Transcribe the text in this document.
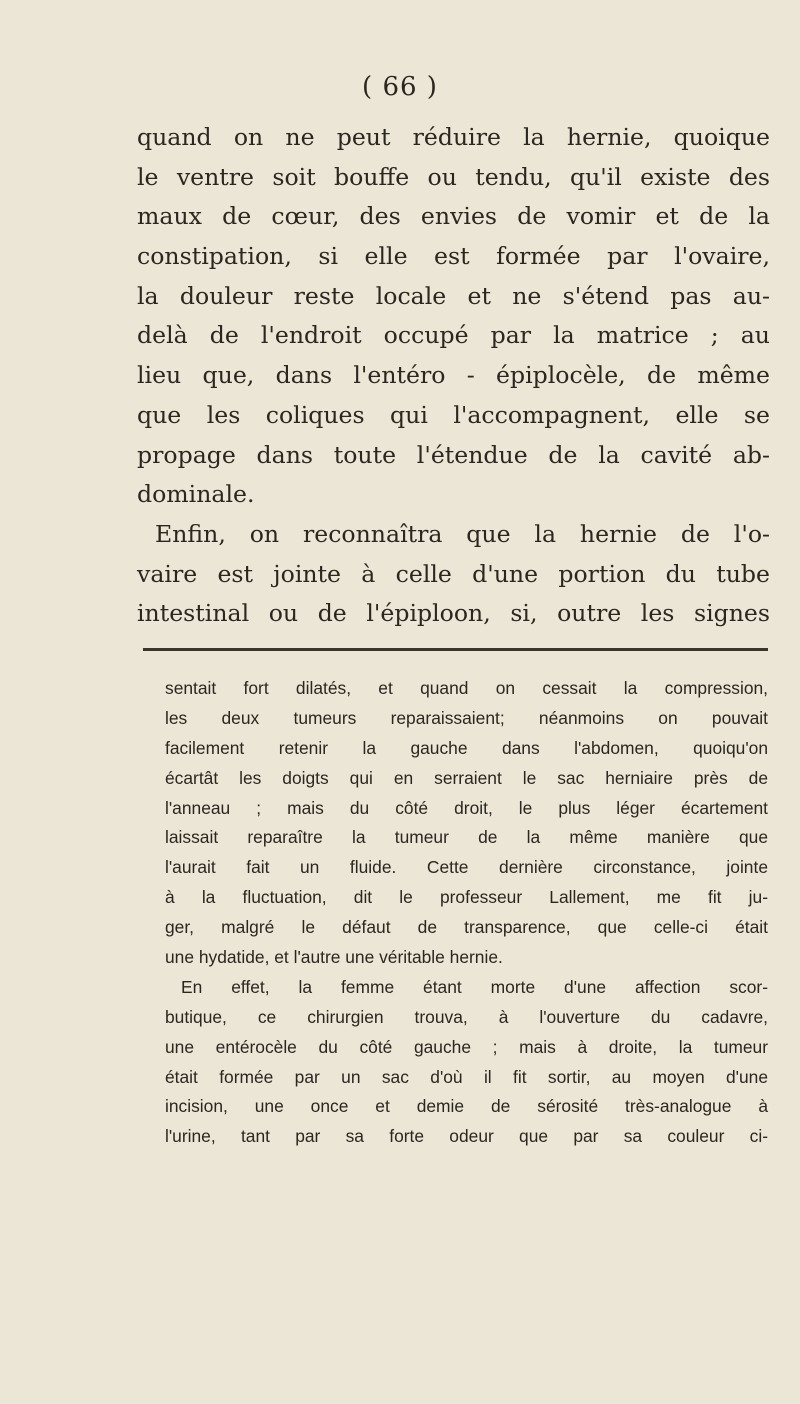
( 66 )
quand on ne peut réduire la hernie, quoique
le ventre soit bouffe ou tendu, qu'il existe des
maux de cœur, des envies de vomir et de la
constipation, si elle est formée par l'ovaire,
la douleur reste locale et ne s'étend pas au-
delà de l'endroit occupé par la matrice ; au
lieu que, dans l'entéro - épiplocèle, de même
que les coliques qui l'accompagnent, elle se
propage dans toute l'étendue de la cavité ab-
dominale.
Enfin, on reconnaîtra que la hernie de l'o-
vaire est jointe à celle d'une portion du tube
intestinal ou de l'épiploon, si, outre les signes
sentait fort dilatés, et quand on cessait la compression,
les deux tumeurs reparaissaient; néanmoins on pouvait
facilement retenir la gauche dans l'abdomen, quoiqu'on
écartât les doigts qui en serraient le sac herniaire près de
l'anneau ; mais du côté droit, le plus léger écartement
laissait reparaître la tumeur de la même manière que
l'aurait fait un fluide. Cette dernière circonstance, jointe
à la fluctuation, dit le professeur Lallement, me fit ju-
ger, malgré le défaut de transparence, que celle-ci était
une hydatide, et l'autre une véritable hernie.
En effet, la femme étant morte d'une affection scor-
butique, ce chirurgien trouva, à l'ouverture du cadavre,
une entérocèle du côté gauche ; mais à droite, la tumeur
était formée par un sac d'où il fit sortir, au moyen d'une
incision, une once et demie de sérosité très-analogue à
l'urine, tant par sa forte odeur que par sa couleur ci-
